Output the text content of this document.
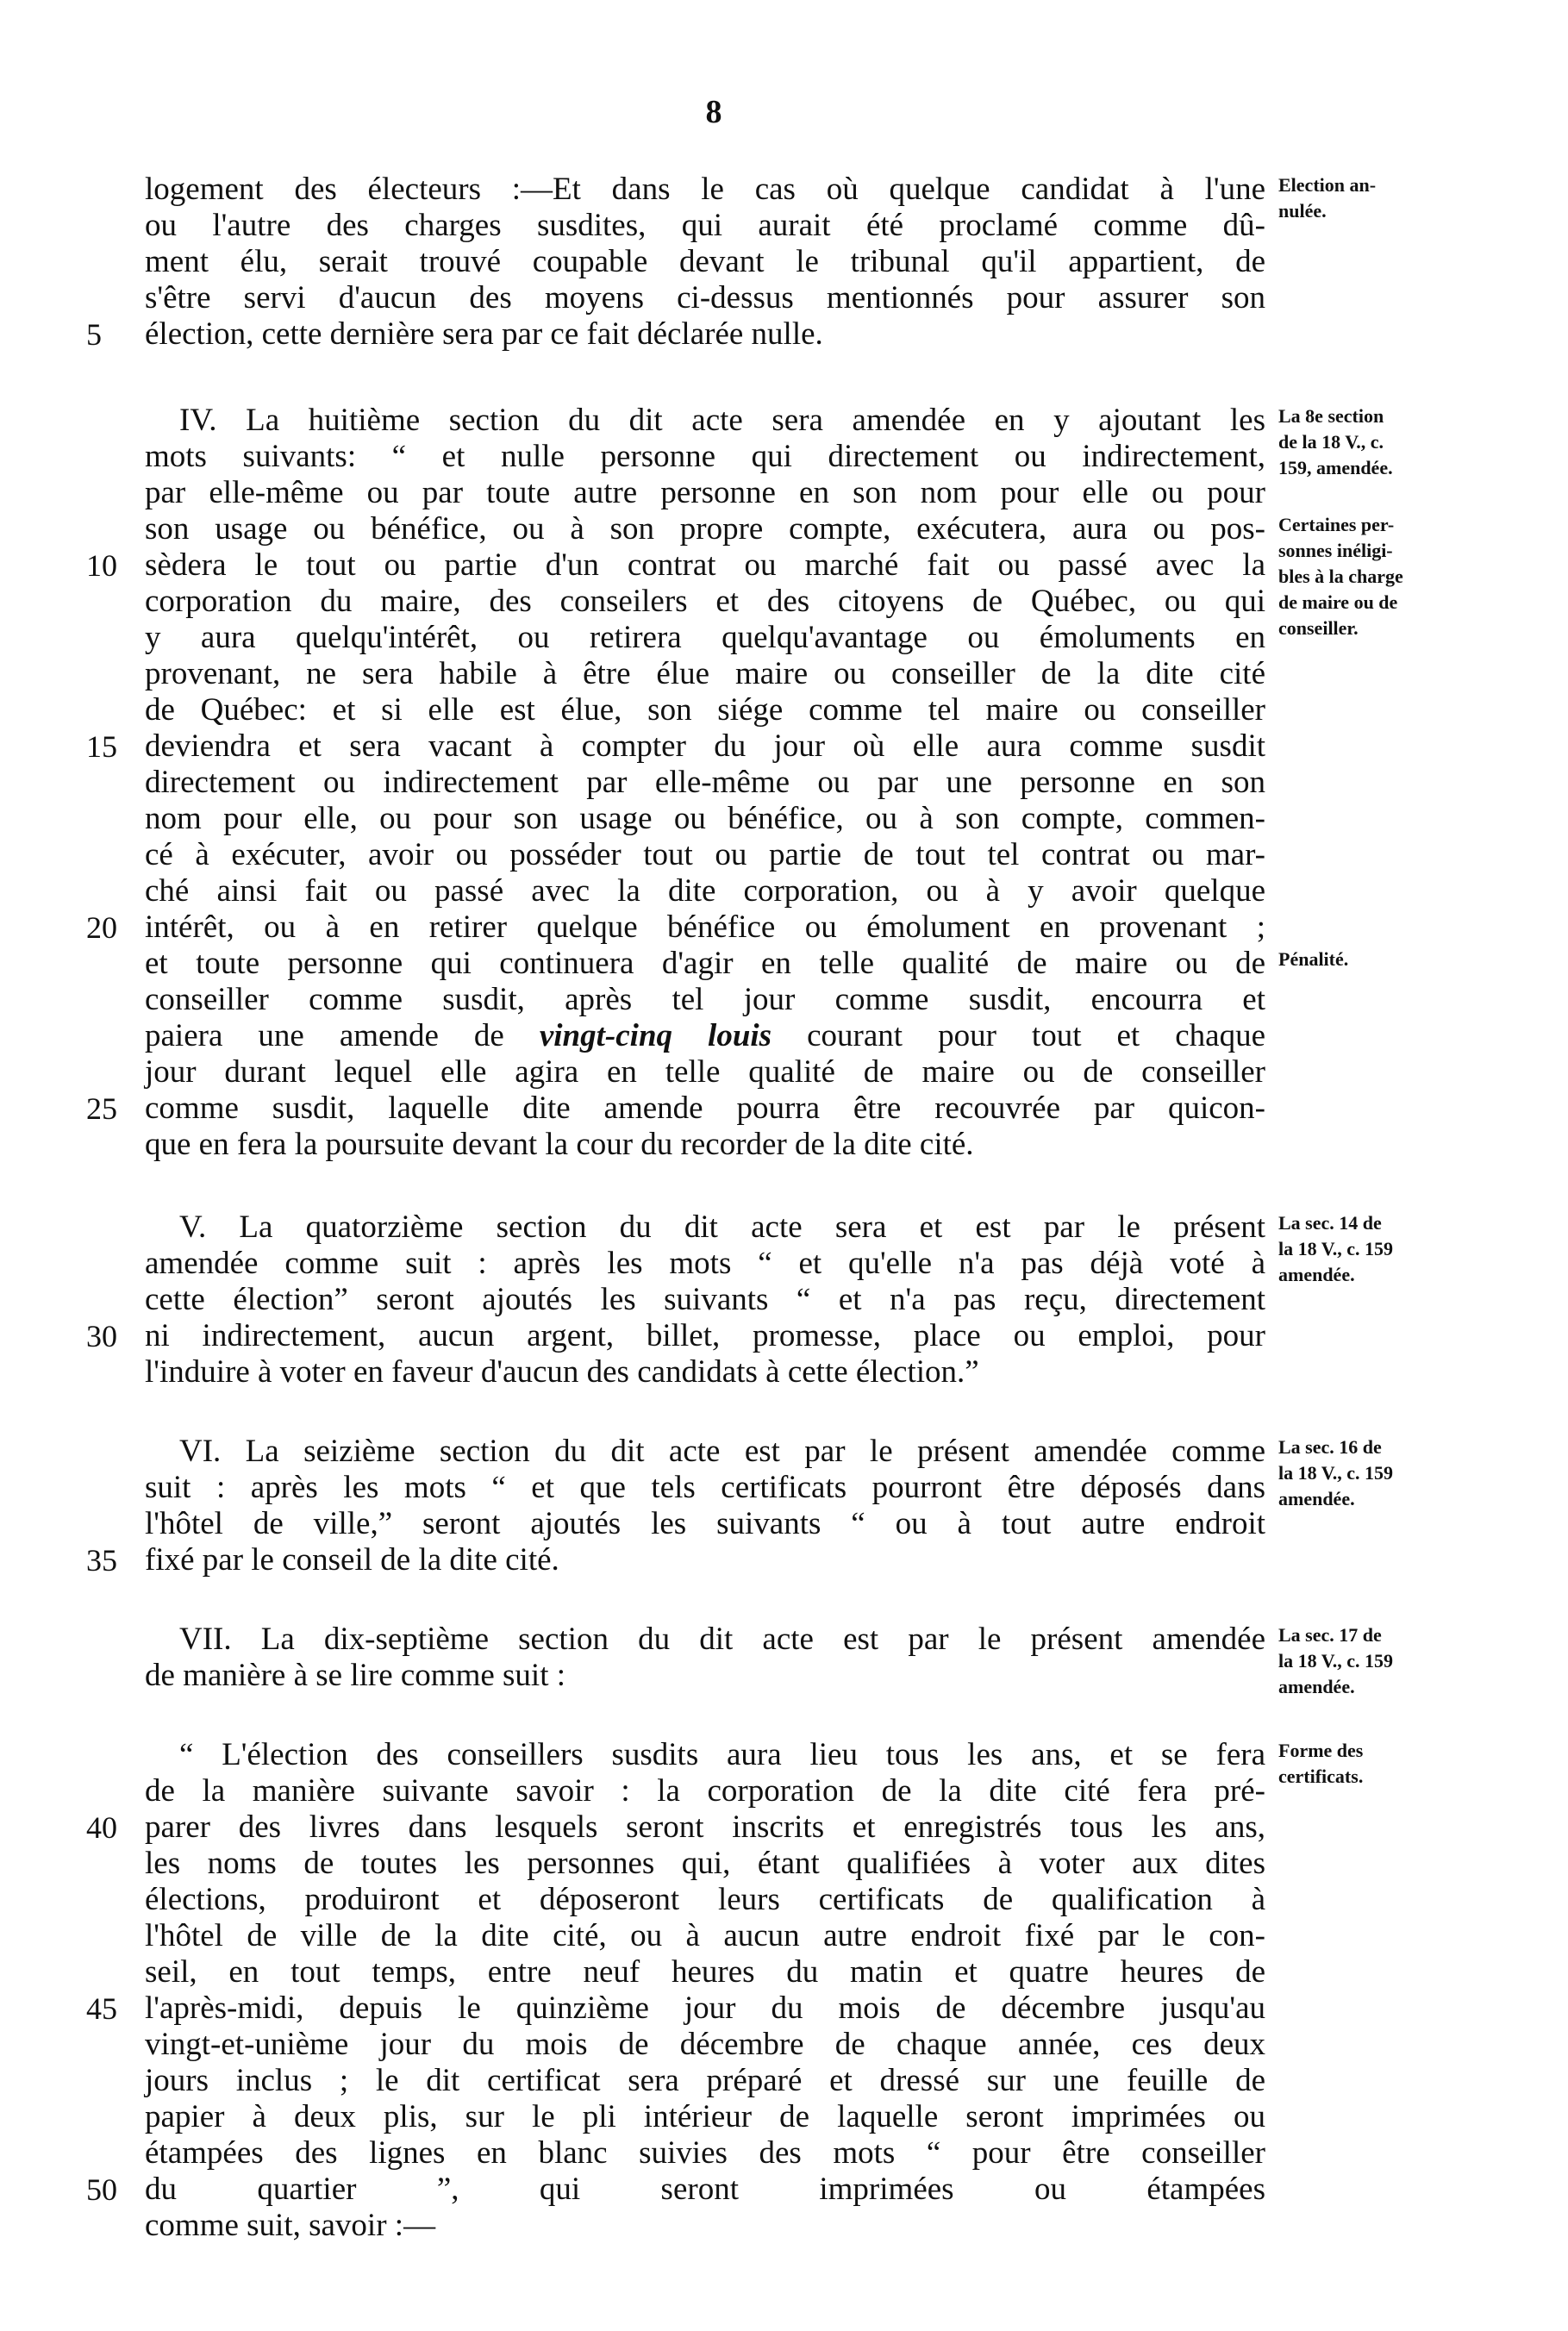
8
logement des électeurs :—Et dans le cas où quelque candidat à l'une
ou l'autre des charges susdites, qui aurait été proclamé comme dû-
ment élu, serait trouvé coupable devant le tribunal qu'il appartient, de
s'être servi d'aucun des moyens ci-dessus mentionnés pour assurer son
élection, cette dernière sera par ce fait déclarée nulle.
IV. La huitième section du dit acte sera amendée en y ajoutant les
mots suivants: “ et nulle personne qui directement ou indirectement,
par elle-même ou par toute autre personne en son nom pour elle ou pour
son usage ou bénéfice, ou à son propre compte, exécutera, aura ou pos-
sèdera le tout ou partie d'un contrat ou marché fait ou passé avec la
corporation du maire, des conseilers et des citoyens de Québec, ou qui
y aura quelqu'intérêt, ou retirera quelqu'avantage ou émoluments en
provenant, ne sera habile à être élue maire ou conseiller de la dite cité
de Québec: et si elle est élue, son siége comme tel maire ou conseiller
deviendra et sera vacant à compter du jour où elle aura comme susdit
directement ou indirectement par elle-même ou par une personne en son
nom pour elle, ou pour son usage ou bénéfice, ou à son compte, commen-
cé à exécuter, avoir ou posséder tout ou partie de tout tel contrat ou mar-
ché ainsi fait ou passé avec la dite corporation, ou à y avoir quelque
intérêt, ou à en retirer quelque bénéfice ou émolument en provenant ;
et toute personne qui continuera d'agir en telle qualité de maire ou de
conseiller comme susdit, après tel jour comme susdit, encourra et
paiera une amende de vingt-cinq louis courant pour tout et chaque
jour durant lequel elle agira en telle qualité de maire ou de conseiller
comme susdit, laquelle dite amende pourra être recouvrée par quicon-
que en fera la poursuite devant la cour du recorder de la dite cité.
V. La quatorzième section du dit acte sera et est par le présent
amendée comme suit : après les mots “ et qu'elle n'a pas déjà voté à
cette élection” seront ajoutés les suivants “ et n'a pas reçu, directement
ni indirectement, aucun argent, billet, promesse, place ou emploi, pour
l'induire à voter en faveur d'aucun des candidats à cette élection.”
VI. La seizième section du dit acte est par le présent amendée comme
suit : après les mots “ et que tels certificats pourront être déposés dans
l'hôtel de ville,” seront ajoutés les suivants “ ou à tout autre endroit
fixé par le conseil de la dite cité.
VII. La dix-septième section du dit acte est par le présent amendée
de manière à se lire comme suit :
“ L'élection des conseillers susdits aura lieu tous les ans, et se fera
de la manière suivante savoir : la corporation de la dite cité fera pré-
parer des livres dans lesquels seront inscrits et enregistrés tous les ans,
les noms de toutes les personnes qui, étant qualifiées à voter aux dites
élections, produiront et déposeront leurs certificats de qualification à
l'hôtel de ville de la dite cité, ou à aucun autre endroit fixé par le con-
seil, en tout temps, entre neuf heures du matin et quatre heures de
l'après-midi, depuis le quinzième jour du mois de décembre jusqu'au
vingt-et-unième jour du mois de décembre de chaque année, ces deux
jours inclus ; le dit certificat sera préparé et dressé sur une feuille de
papier à deux plis, sur le pli intérieur de laquelle seront imprimées ou
étampées des lignes en blanc suivies des mots “ pour être conseiller
du quartier ”, qui seront imprimées ou étampées
comme suit, savoir :—
5
10
15
20
25
30
35
40
45
50
Election an-
nulée.
La 8e section
de la 18 V., c.
159, amendée.
Certaines per-
sonnes inéligi-
bles à la charge
de maire ou de
conseiller.
Pénalité.
La sec. 14 de
la 18 V., c. 159
amendée.
La sec. 16 de
la 18 V., c. 159
amendée.
La sec. 17 de
la 18 V., c. 159
amendée.
Forme des
certificats.
